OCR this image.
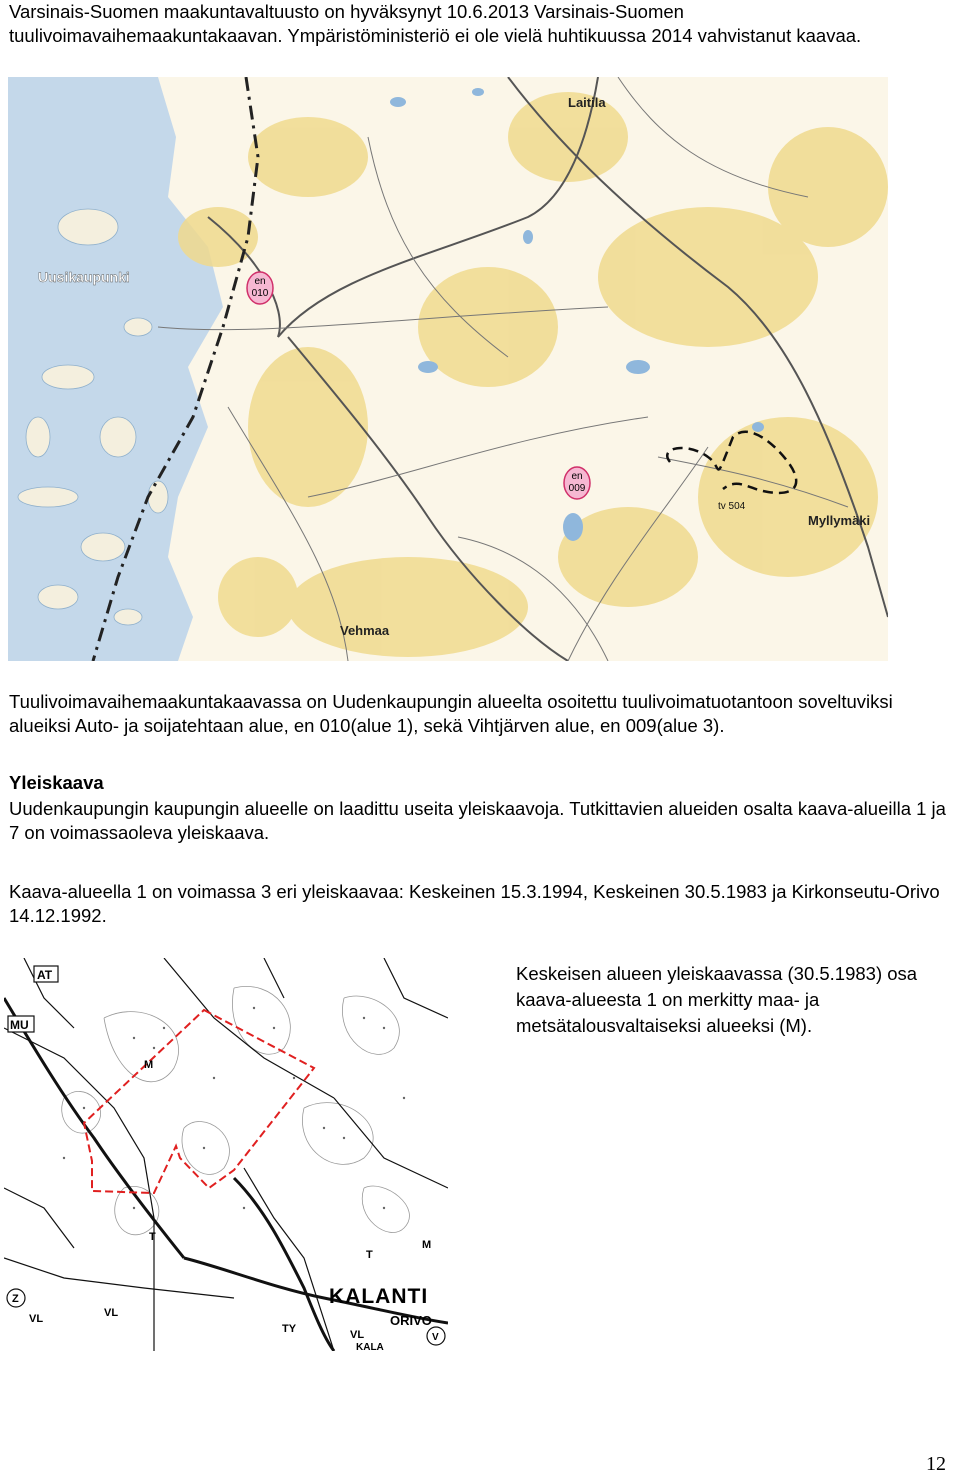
Varsinais-Suomen maakuntavaltuusto on hyväksynyt 10.6.2013 Varsinais-Suomen tuulivoimavaihemaakuntakaavan. Ympäristöministeriö ei ole vielä huhtikuussa 2014 vahvistanut kaavaa.

en
010
en
009
Uusikaupunki
Laitila
Myllymäki
Vehmaa
tv 504

Tuulivoimavaihemaakuntakaavassa on Uudenkaupungin alueelta osoitettu tuulivoimatuotantoon soveltuviksi alueiksi Auto- ja soijatehtaan alue, en 010(alue 1), sekä Vihtjärven alue, en 009(alue 3).

Yleiskaava

Uudenkaupungin kaupungin alueelle on laadittu useita yleiskaavoja. Tutkittavien alueiden osalta kaava-alueilla 1 ja 7 on voimassaoleva yleiskaava.

Kaava-alueella 1 on voimassa 3 eri yleiskaavaa: Keskeinen 15.3.1994, Keskeinen 30.5.1983 ja Kirkonseutu-Orivo 14.12.1992.

AT
MU
M
M
T
T
KALANTI
ORIVO
VL	VL
VL
TY
Z
V
KALA

Keskeisen alueen yleiskaavassa (30.5.1983) osa kaava-alueesta 1 on merkitty maa- ja metsätalousvaltaiseksi alueeksi (M).

12
